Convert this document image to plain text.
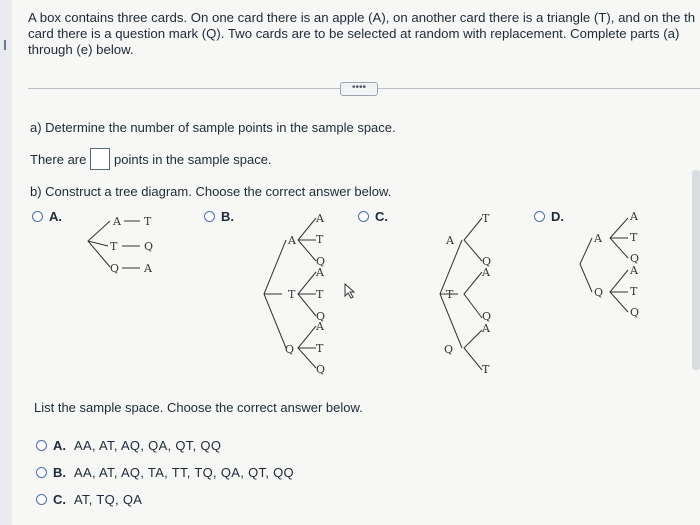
A box contains three cards. On one card there is an apple (A), on another card there is a triangle (T), and on the th card there is a question mark (Q). Two cards are to be selected at random with replacement. Complete parts (a) through (e) below.
••••
a) Determine the number of sample points in the sample space.
There are points in the sample space.
b) Construct a tree diagram. Choose the correct answer below.
A.	A
T
Q
T
Q
A
B.
A
T
Q
A
T
Q
A
T
Q
A
T
Q
C.
A
T
Q
T
Q
A
Q
A
T
D.
A
Q
A
T
Q
A
T
Q
List the sample space. Choose the correct answer below.
A. AA, AT, AQ, QA, QT, QQ
B. AA, AT, AQ, TA, TT, TQ, QA, QT, QQ
C. AT, TQ, QA
